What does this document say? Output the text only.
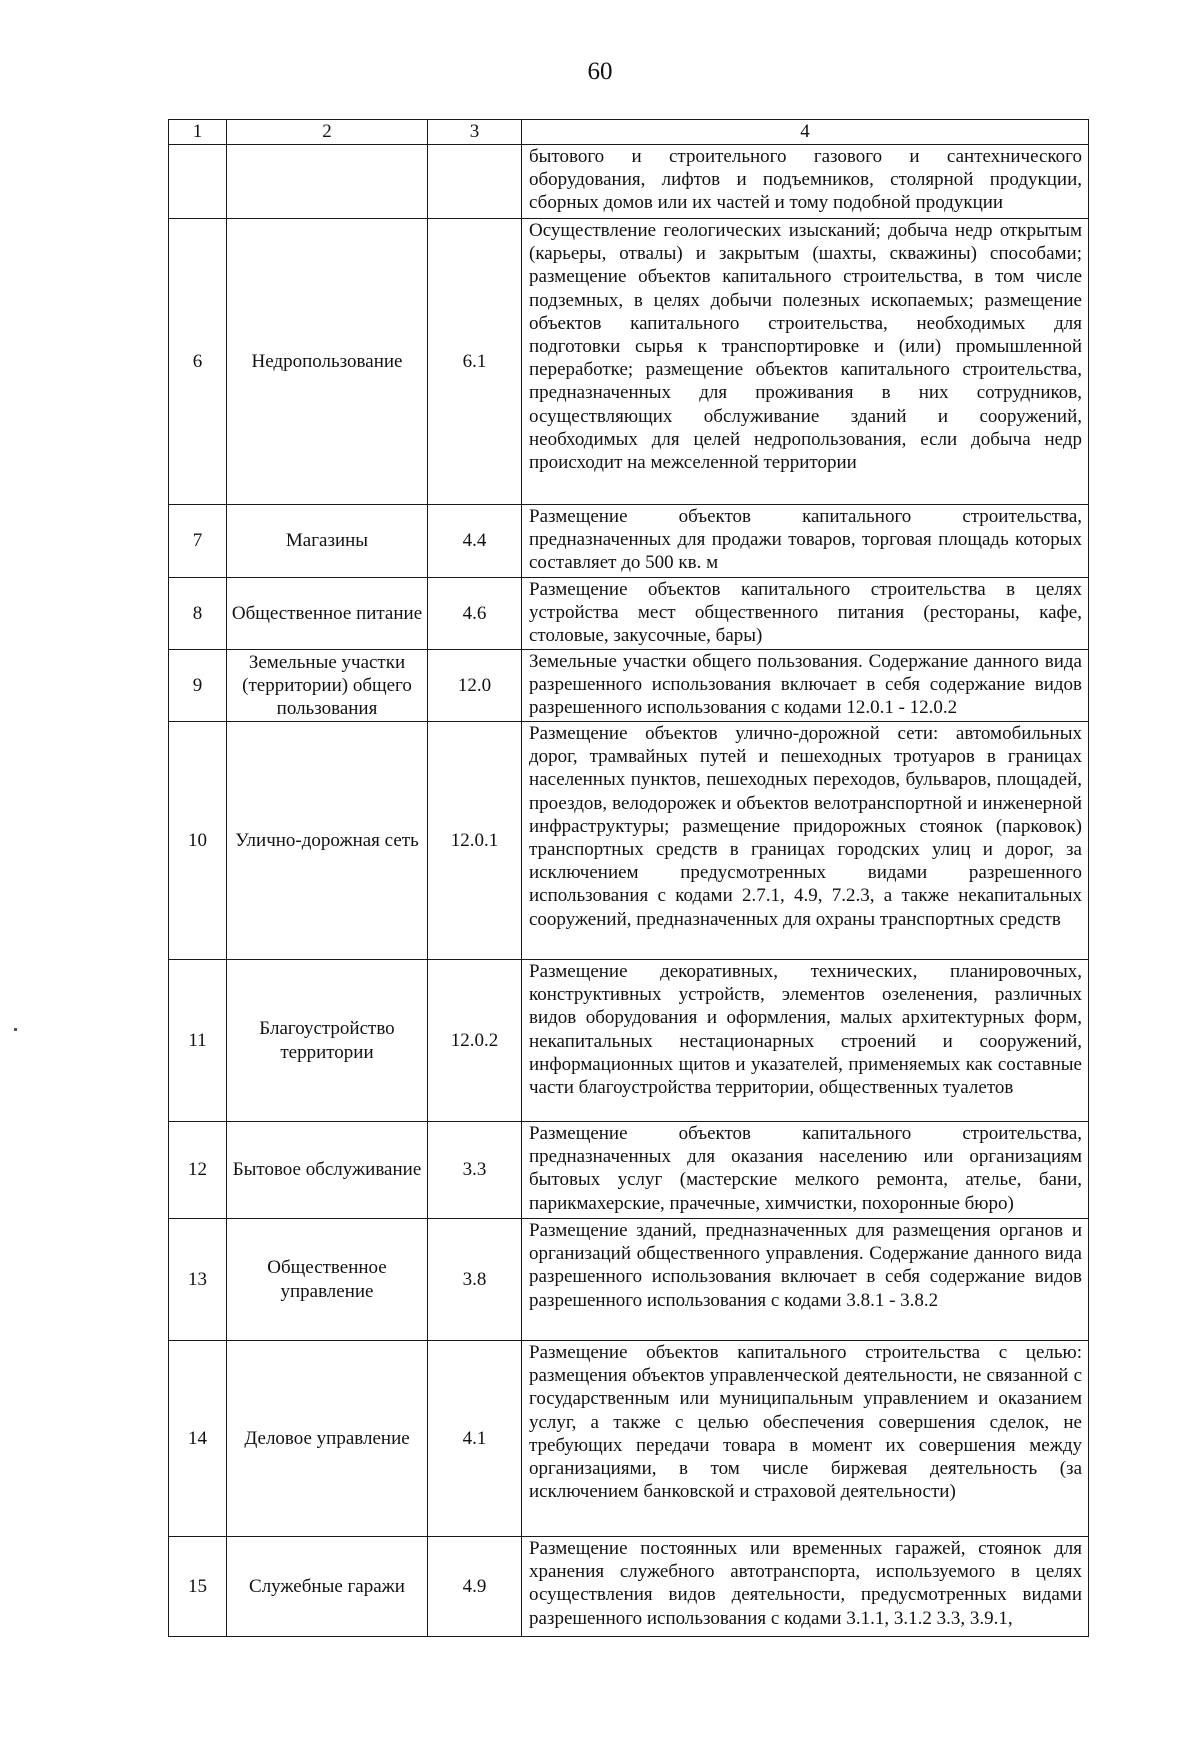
60
1	2	3	4
			бытового и строительного газового и сантехнического оборудования, лифтов и подъемников, столярной продукции, сборных домов или их частей и тому подобной продукции
6	Недропользование	6.1	Осуществление геологических изысканий; добыча недр открытым (карьеры, отвалы) и закрытым (шахты, скважины) способами; размещение объектов капитального строительства, в том числе подземных, в целях добычи полезных ископаемых; размещение объектов капитального строительства, необходимых для подготовки сырья к транспортировке и (или) промышленной переработке; размещение объектов капитального строительства, предназначенных для проживания в них сотрудников, осуществляющих обслуживание зданий и сооружений, необходимых для целей недропользования, если добыча недр происходит на межселенной территории
7	Магазины	4.4	Размещение объектов капитального строительства, предназначенных для продажи товаров, торговая площадь которых составляет до 500 кв. м
8	Общественное питание	4.6	Размещение объектов капитального строительства в целях устройства мест общественного питания (рестораны, кафе, столовые, закусочные, бары)
9	Земельные участки (территории) общего пользования	12.0	Земельные участки общего пользования. Содержание данного вида разрешенного использования включает в себя содержание видов разрешенного использования с кодами 12.0.1 - 12.0.2
10	Улично-дорожная сеть	12.0.1	Размещение объектов улично-дорожной сети: автомобильных дорог, трамвайных путей и пешеходных тротуаров в границах населенных пунктов, пешеходных переходов, бульваров, площадей, проездов, велодорожек и объектов велотранспортной и инженерной инфраструктуры; размещение придорожных стоянок (парковок) транспортных средств в границах городских улиц и дорог, за исключением предусмотренных видами разрешенного использования с кодами 2.7.1, 4.9, 7.2.3, а также некапитальных сооружений, предназначенных для охраны транспортных средств
11	Благоустройство территории	12.0.2	Размещение декоративных, технических, планировочных, конструктивных устройств, элементов озеленения, различных видов оборудования и оформления, малых архитектурных форм, некапитальных нестационарных строений и сооружений, информационных щитов и указателей, применяемых как составные части благоустройства территории, общественных туалетов
12	Бытовое обслуживание	3.3	Размещение объектов капитального строительства, предназначенных для оказания населению или организациям бытовых услуг (мастерские мелкого ремонта, ателье, бани, парикмахерские, прачечные, химчистки, похоронные бюро)
13	Общественное управление	3.8	Размещение зданий, предназначенных для размещения органов и организаций общественного управления. Содержание данного вида разрешенного использования включает в себя содержание видов разрешенного использования с кодами 3.8.1 - 3.8.2
14	Деловое управление	4.1	Размещение объектов капитального строительства с целью: размещения объектов управленческой деятельности, не связанной с государственным или муниципальным управлением и оказанием услуг, а также с целью обеспечения совершения сделок, не требующих передачи товара в момент их совершения между организациями, в том числе биржевая деятельность (за исключением банковской и страховой деятельности)
15	Служебные гаражи	4.9	Размещение постоянных или временных гаражей, стоянок для хранения служебного автотранспорта, используемого в целях осуществления видов деятельности, предусмотренных видами разрешенного использования с кодами 3.1.1, 3.1.2 3.3, 3.9.1,
